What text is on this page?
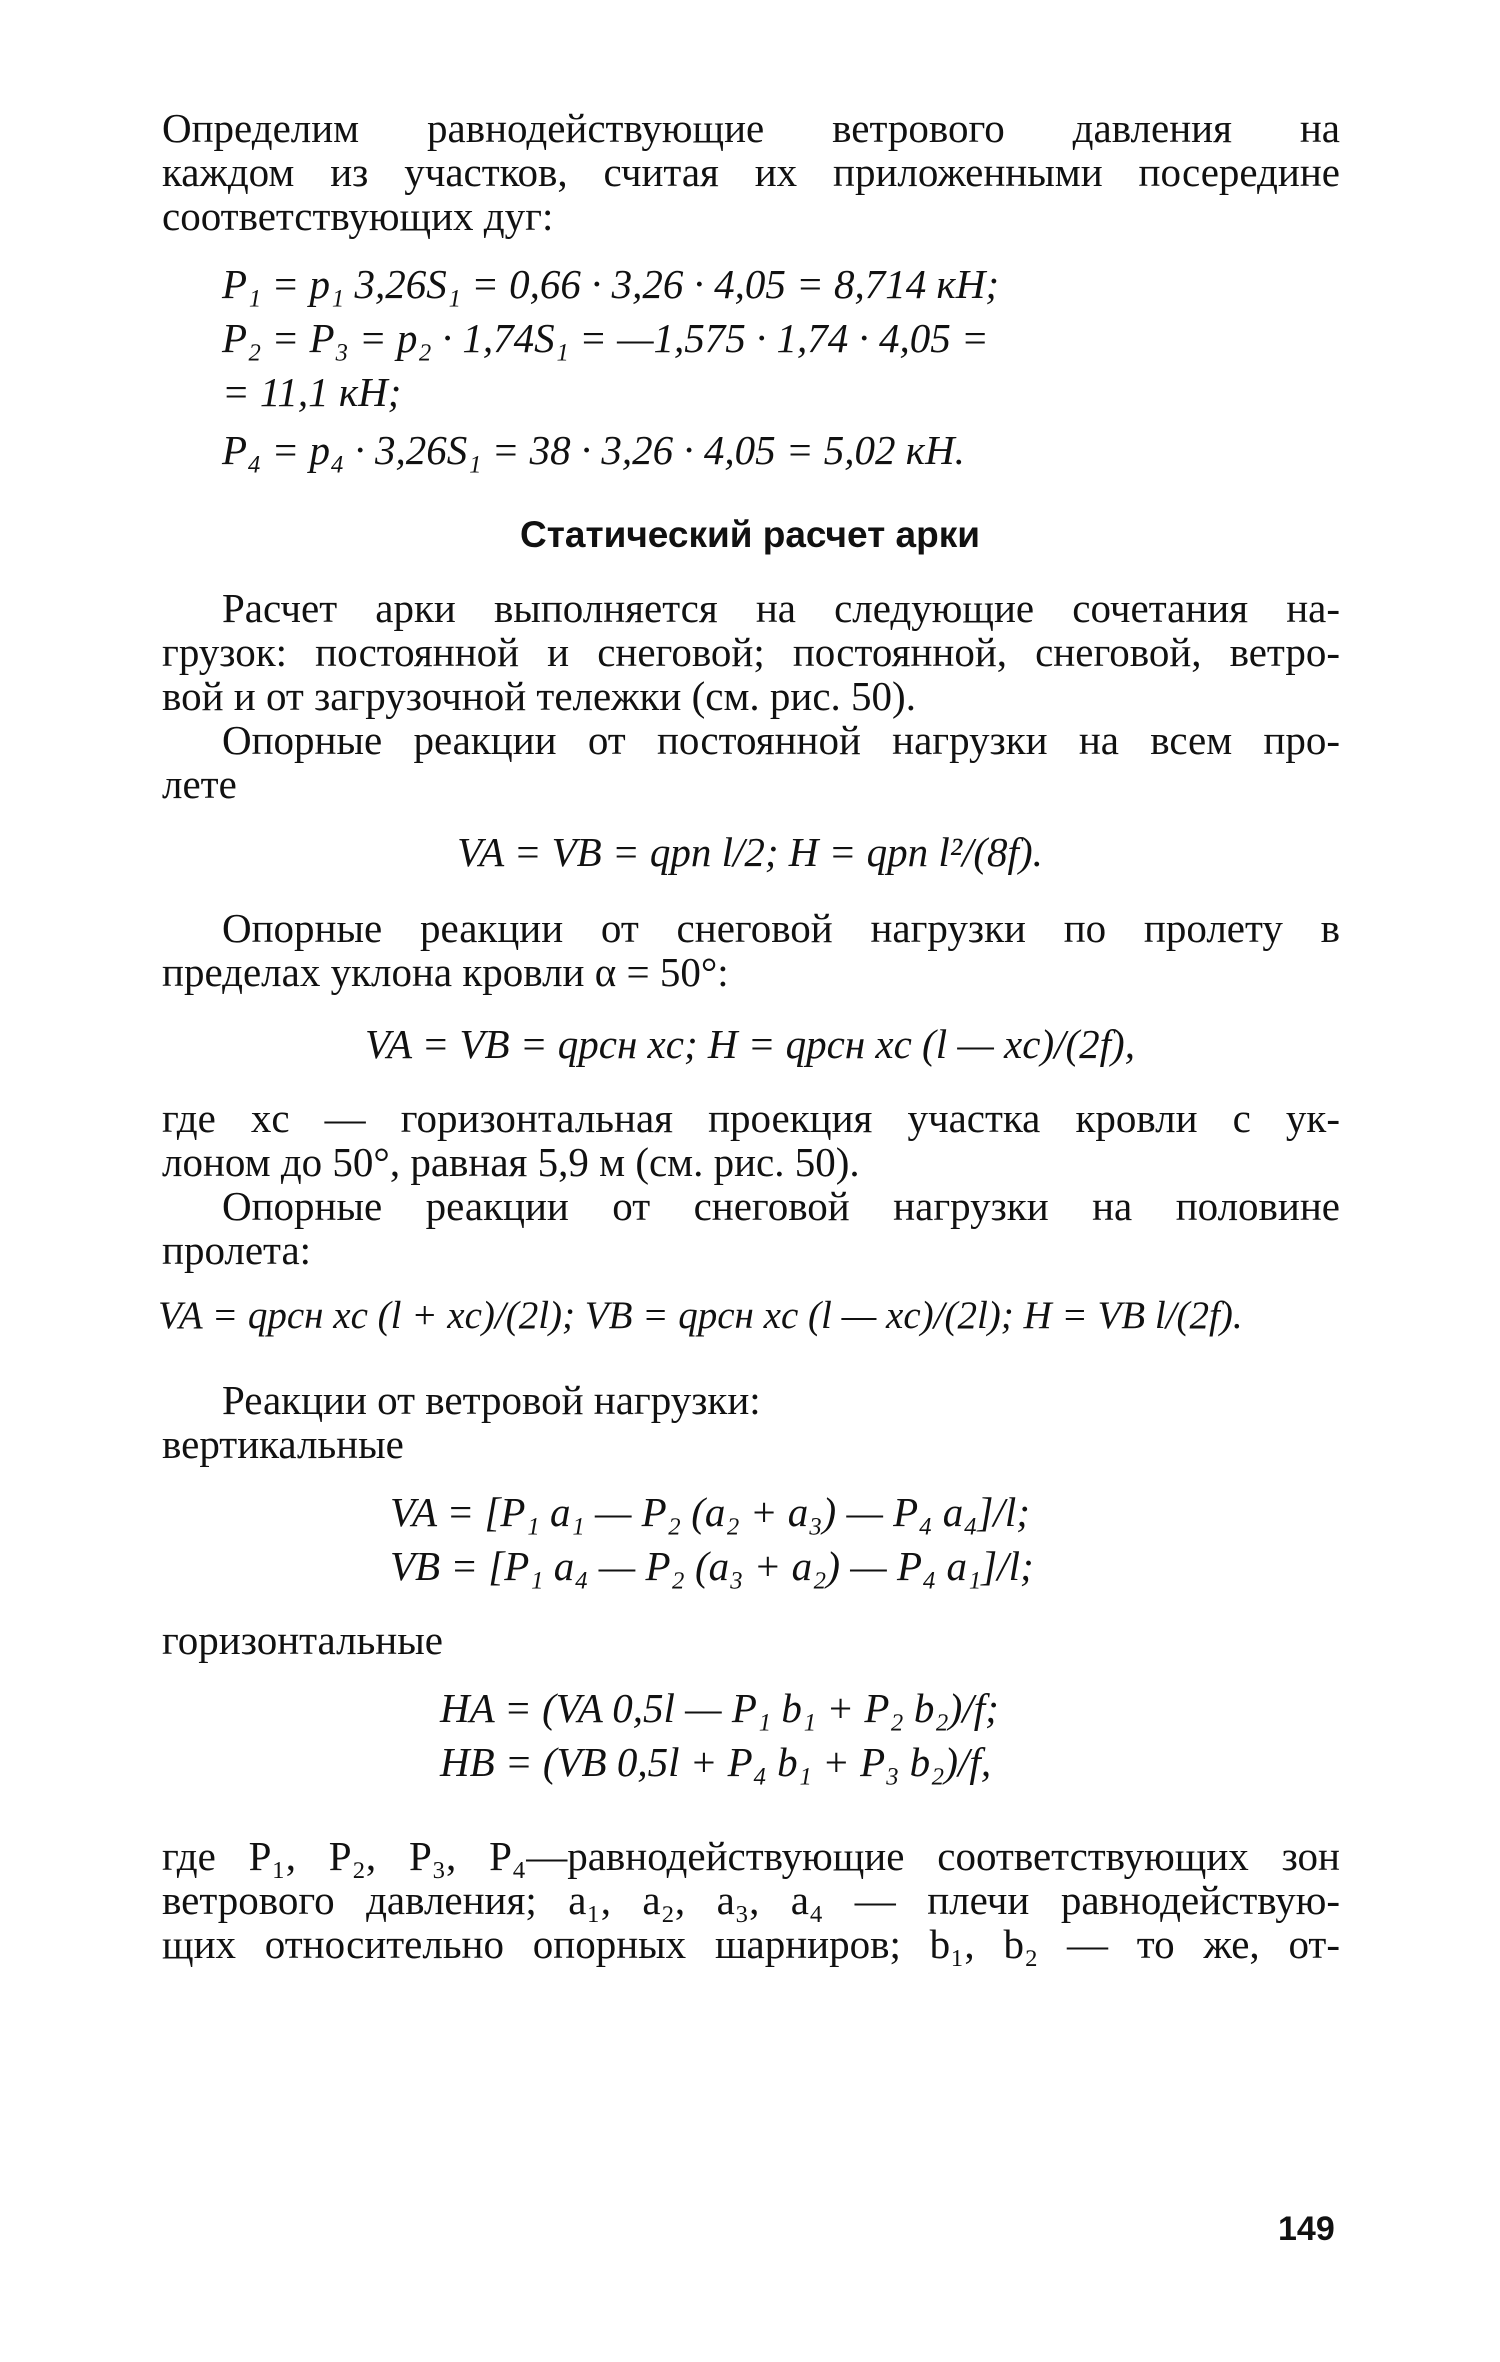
Определим равнодействующие ветрового давления на
каждом из участков, считая их приложенными посередине
соответствующих дуг:
P₁ = p₁ 3,26S₁ = 0,66 · 3,26 · 4,05 = 8,714 кН;
P₂ = P₃ = p₂ · 1,74S₁ = —1,575 · 1,74 · 4,05 =
= 11,1 кН;
P₄ = p₄ · 3,26S₁ = 38 · 3,26 · 4,05 = 5,02 кН.
Статический расчет арки
Расчет арки выполняется на следующие сочетания на-
грузок: постоянной и снеговой; постоянной, снеговой, ветро-
вой и от загрузочной тележки (см. рис. 50).
Опорные реакции от постоянной нагрузки на всем про-
лете
VA = VB = qрп l/2; H = qрп l²/(8f).
Опорные реакции от снеговой нагрузки по пролету в
пределах уклона кровли α = 50°:
VA = VB = qрсн xc; H = qрсн xc (l — xc)/(2f),
где xc — горизонтальная проекция участка кровли с ук-
лоном до 50°, равная 5,9 м (см. рис. 50).
Опорные реакции от снеговой нагрузки на половине
пролета:
VA = qрсн xc (l + xc)/(2l); VB = qрсн xc (l — xc)/(2l); H = VB l/(2f).
Реакции от ветровой нагрузки:
вертикальные
VA = [P₁ a₁ — P₂ (a₂ + a₃) — P₄ a₄]/l;
VB = [P₁ a₄ — P₂ (a₃ + a₂) — P₄ a₁]/l;
горизонтальные
HA = (VA 0,5l — P₁ b₁ + P₂ b₂)/f;
HB = (VB 0,5l + P₄ b₁ + P₃ b₂)/f,
где P₁, P₂, P₃, P₄—равнодействующие соответствующих зон
ветрового давления; a₁, a₂, a₃, a₄ — плечи равнодействую-
щих относительно опорных шарниров; b₁, b₂ — то же, от-
149
